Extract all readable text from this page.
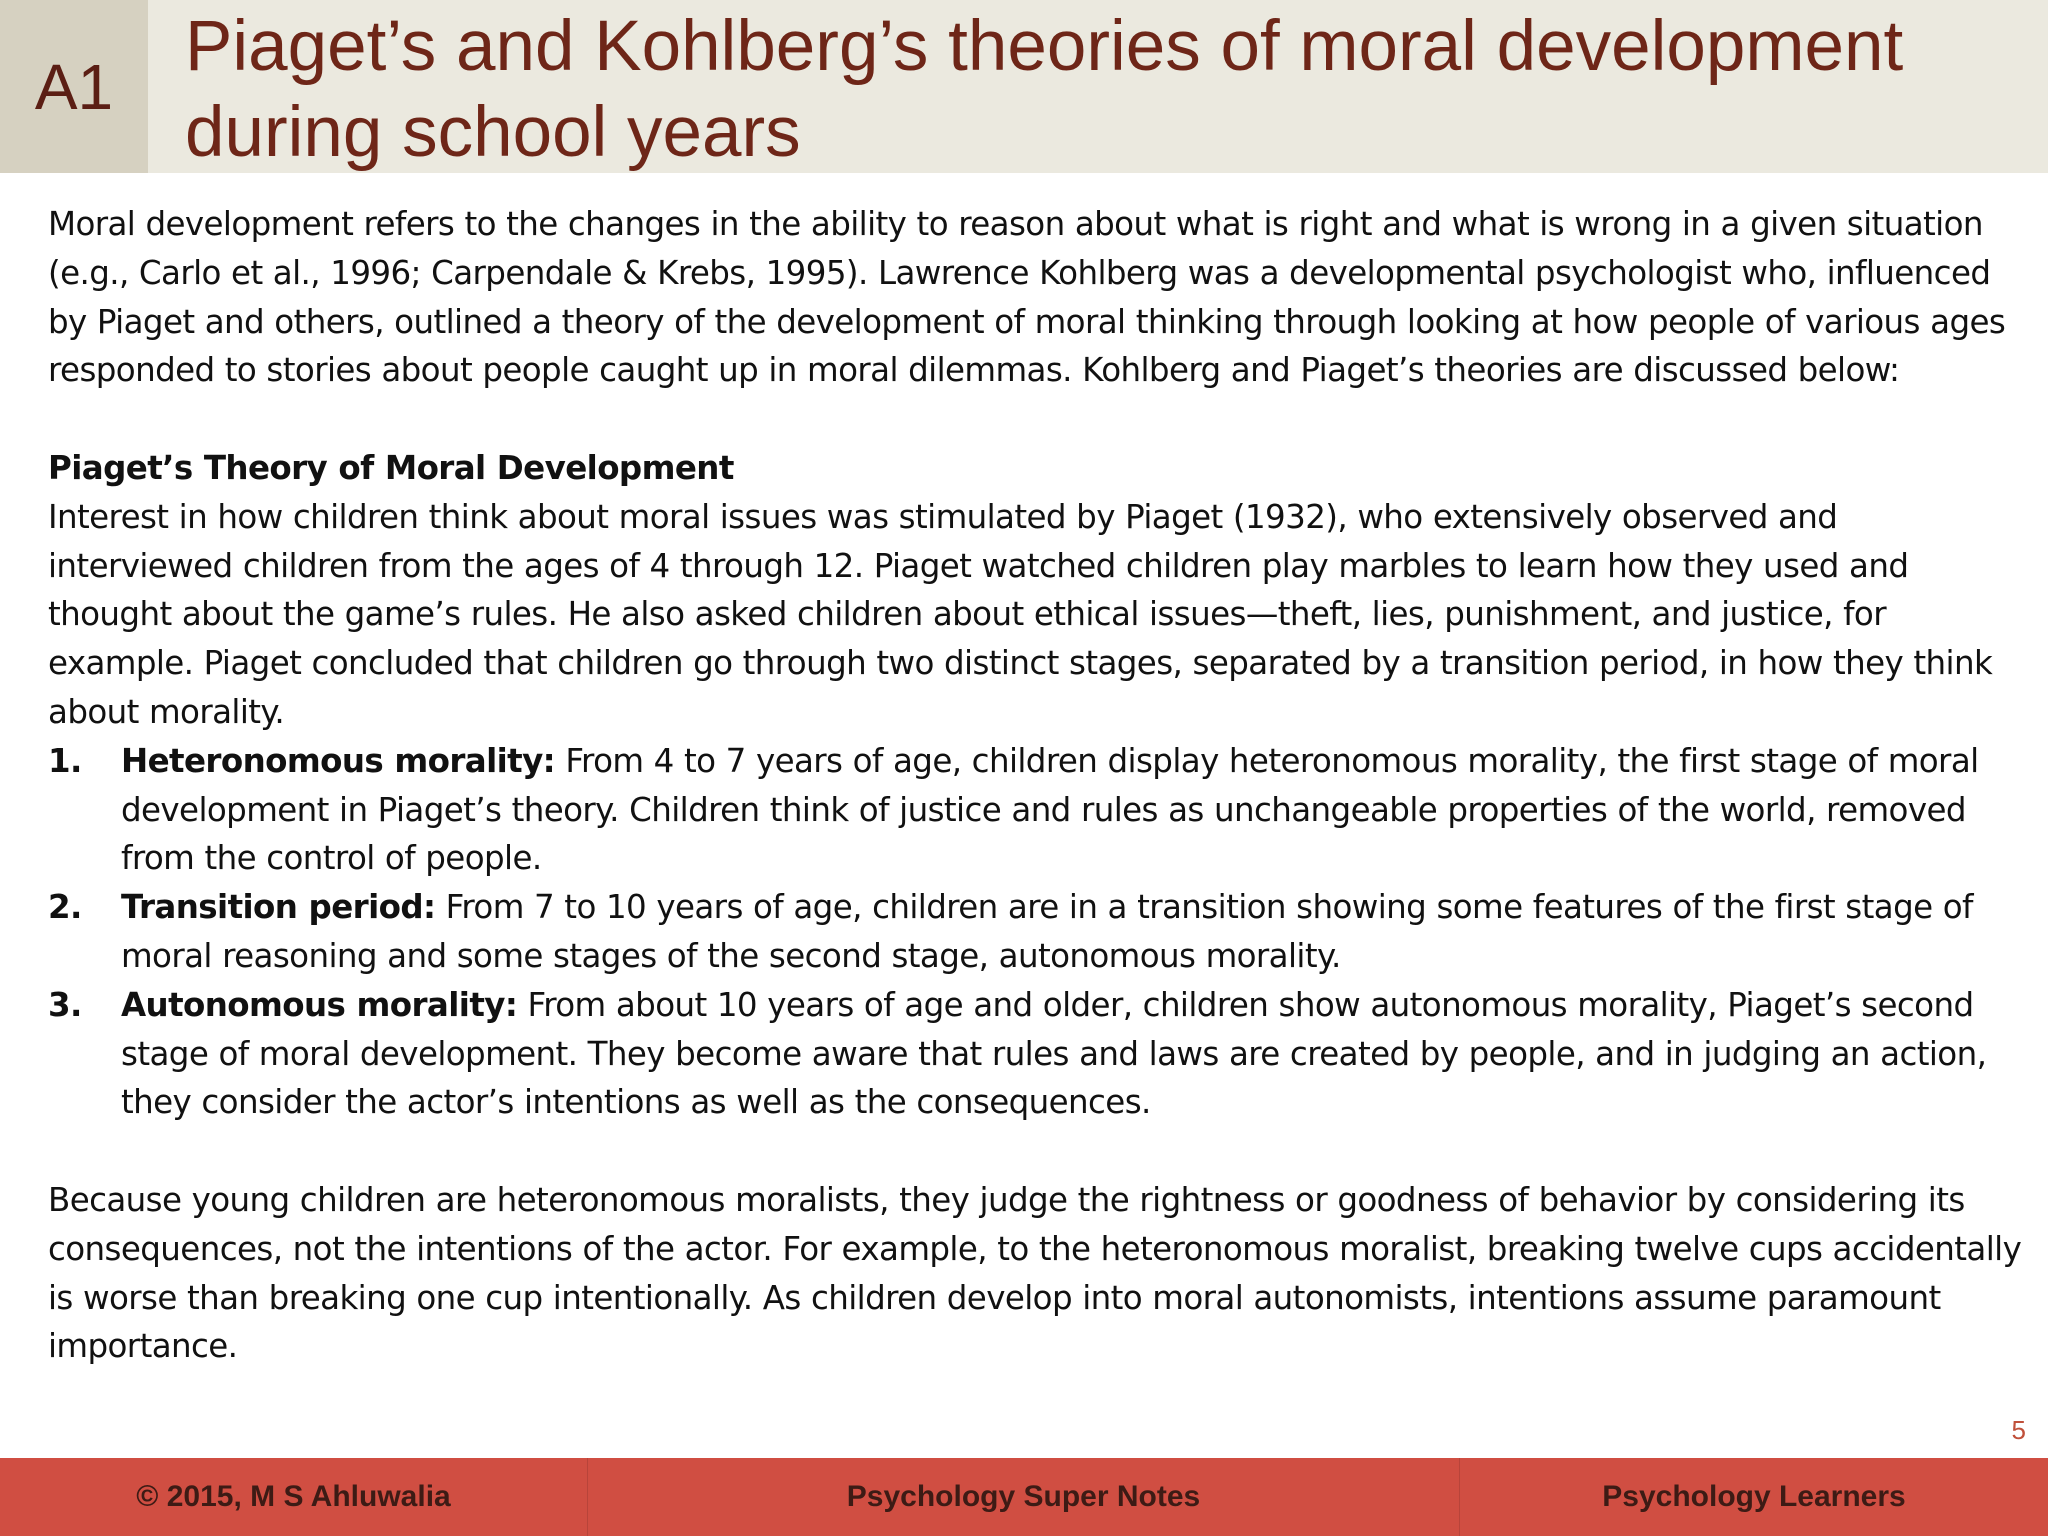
A1
Piaget’s and Kohlberg’s theories of moral development
during school years

Moral development refers to the changes in the ability to reason about what is right and what is wrong in a given situation (e.g., Carlo et al., 1996; Carpendale & Krebs, 1995). Lawrence Kohlberg was a developmental psychologist who, influenced by Piaget and others, outlined a theory of the development of moral thinking through looking at how people of various ages responded to stories about people caught up in moral dilemmas. Kohlberg and Piaget’s theories are discussed below:

Piaget’s Theory of Moral Development

Interest in how children think about moral issues was stimulated by Piaget (1932), who extensively observed and interviewed children from the ages of 4 through 12. Piaget watched children play marbles to learn how they used and thought about the game’s rules. He also asked children about ethical issues—theft, lies, punishment, and justice, for example. Piaget concluded that children go through two distinct stages, separated by a transition period, in how they think about morality.

1. Heteronomous morality: From 4 to 7 years of age, children display heteronomous morality, the first stage of moral development in Piaget’s theory. Children think of justice and rules as unchangeable properties of the world, removed from the control of people.
2. Transition period: From 7 to 10 years of age, children are in a transition showing some features of the first stage of moral reasoning and some stages of the second stage, autonomous morality.
3. Autonomous morality: From about 10 years of age and older, children show autonomous morality, Piaget’s second stage of moral development. They become aware that rules and laws are created by people, and in judging an action, they consider the actor’s intentions as well as the consequences.

Because young children are heteronomous moralists, they judge the rightness or goodness of behavior by considering its consequences, not the intentions of the actor. For example, to the heteronomous moralist, breaking twelve cups accidentally is worse than breaking one cup intentionally. As children develop into moral autonomists, intentions assume paramount importance.

5
© 2015, M S Ahluwalia	Psychology Super Notes	Psychology Learners
